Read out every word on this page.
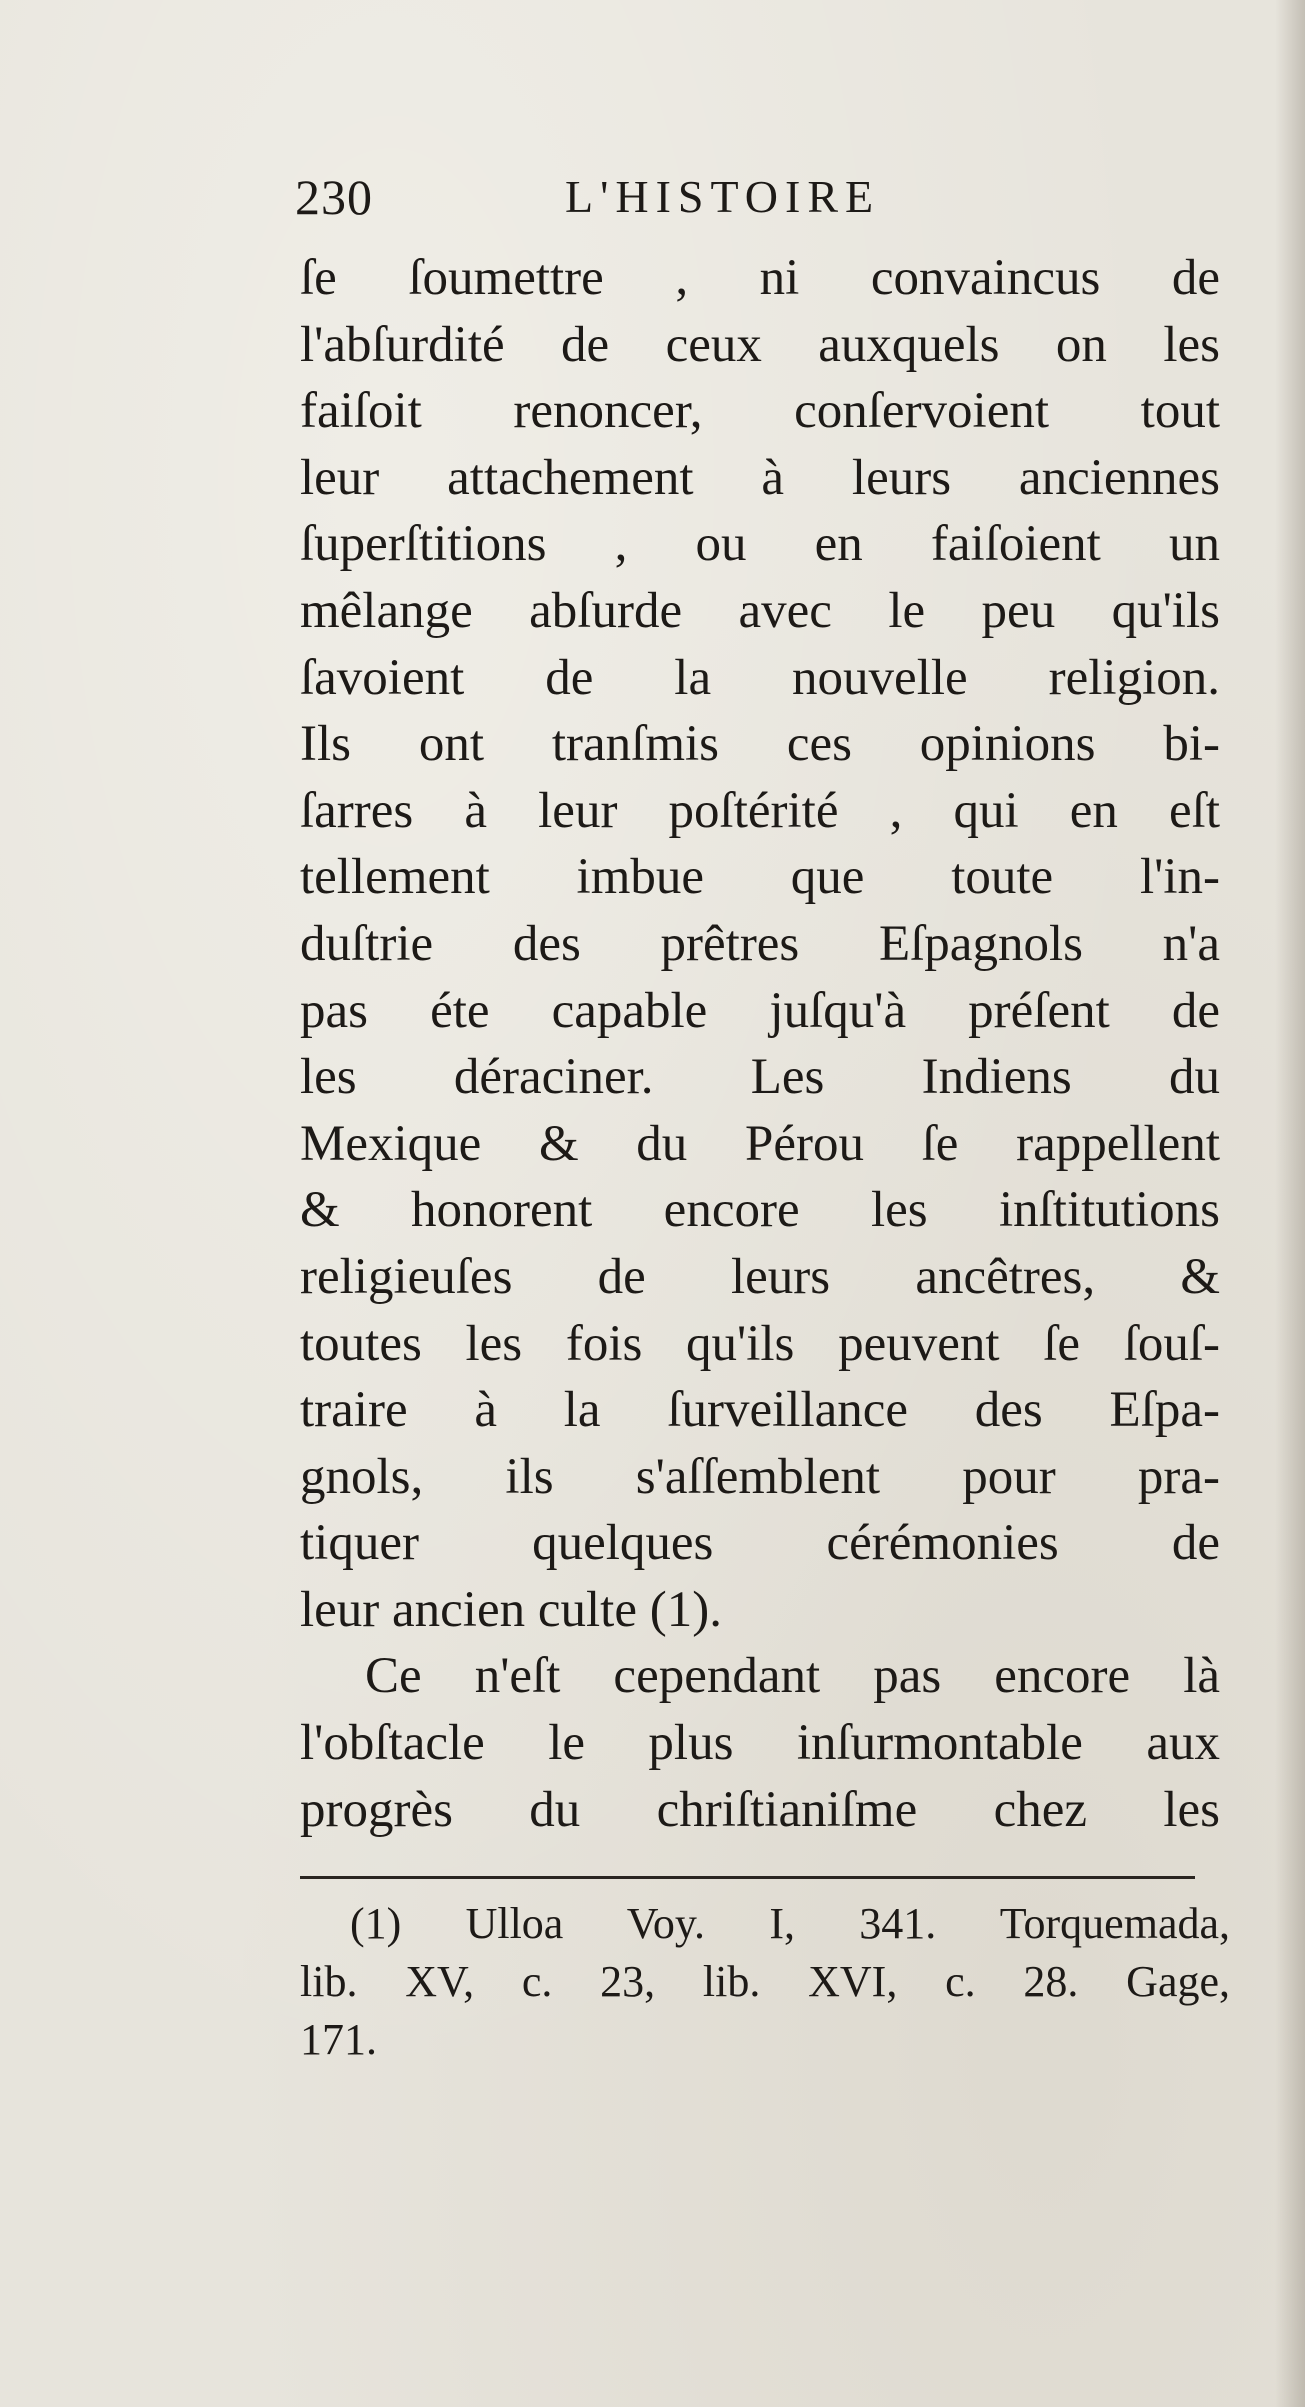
230	L'HISTOIRE
ſe ſoumettre , ni convaincus de
l'abſurdité de ceux auxquels on les
faiſoit renoncer, conſervoient tout
leur attachement à leurs anciennes
ſuperſtitions , ou en faiſoient un
mêlange abſurde avec le peu qu'ils
ſavoient de la nouvelle religion.
Ils ont tranſmis ces opinions bi-
ſarres à leur poſtérité , qui en eſt
tellement imbue que toute l'in-
duſtrie des prêtres Eſpagnols n'a
pas éte capable juſqu'à préſent de
les déraciner. Les Indiens du
Mexique & du Pérou ſe rappellent
& honorent encore les inſtitutions
religieuſes de leurs ancêtres, &
toutes les fois qu'ils peuvent ſe ſouſ-
traire à la ſurveillance des Eſpa-
gnols, ils s'aſſemblent pour pra-
tiquer quelques cérémonies de
leur ancien culte (1).
Ce n'eſt cependant pas encore là
l'obſtacle le plus inſurmontable aux
progrès du chriſtianiſme chez les
(1) Ulloa Voy. I, 341. Torquemada,
lib. XV, c. 23, lib. XVI, c. 28. Gage,
171.
